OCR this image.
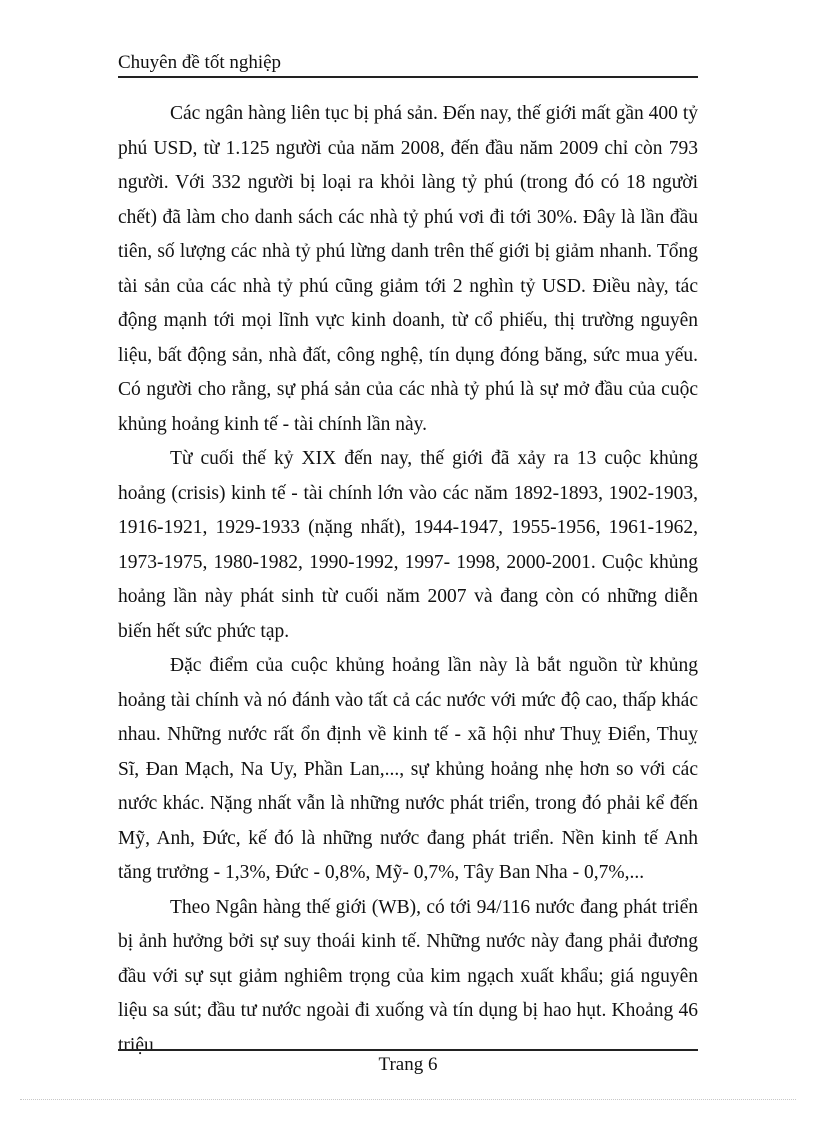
Chuyên đề tốt nghiệp

Các ngân hàng liên tục bị phá sản. Đến nay, thế giới mất gần 400 tỷ phú USD, từ 1.125 người của năm 2008, đến đầu năm 2009 chỉ còn 793 người. Với 332 người bị loại ra khỏi làng tỷ phú (trong đó có 18 người chết) đã làm cho danh sách các nhà tỷ phú vơi đi tới 30%. Đây là lần đầu tiên, số lượng các nhà tỷ phú lừng danh trên thế giới bị giảm nhanh. Tổng tài sản của các nhà tỷ phú cũng giảm tới 2 nghìn tỷ USD. Điều này, tác động mạnh tới mọi lĩnh vực kinh doanh, từ cổ phiếu, thị trường nguyên liệu, bất động sản, nhà đất, công nghệ, tín dụng đóng băng, sức mua yếu. Có người cho rằng, sự phá sản của các nhà tỷ phú là sự mở đầu của cuộc khủng hoảng kinh tế - tài chính lần này.

Từ cuối thế kỷ XIX đến nay, thế giới đã xảy ra 13 cuộc khủng hoảng (crisis) kinh tế - tài chính lớn vào các năm 1892-1893, 1902-1903, 1916-1921, 1929-1933 (nặng nhất), 1944-1947, 1955-1956, 1961-1962, 1973-1975, 1980-1982, 1990-1992, 1997- 1998, 2000-2001. Cuộc khủng hoảng lần này phát sinh từ cuối năm 2007 và đang còn có những diễn biến hết sức phức tạp.

Đặc điểm của cuộc khủng hoảng lần này là bắt nguồn từ khủng hoảng tài chính và nó đánh vào tất cả các nước với mức độ cao, thấp khác nhau. Những nước rất ổn định về kinh tế - xã hội như Thuỵ Điển, Thuỵ Sĩ, Đan Mạch, Na Uy, Phần Lan,..., sự khủng hoảng nhẹ hơn so với các nước khác. Nặng nhất vẫn là những nước phát triển, trong đó phải kể đến Mỹ, Anh, Đức, kế đó là những nước đang phát triển. Nền kinh tế Anh tăng trưởng - 1,3%, Đức - 0,8%, Mỹ- 0,7%, Tây Ban Nha - 0,7%,...

Theo Ngân hàng thế giới (WB), có tới 94/116 nước đang phát triển bị ảnh hưởng bởi sự suy thoái kinh tế. Những nước này đang phải đương đầu với sự sụt giảm nghiêm trọng của kim ngạch xuất khẩu; giá nguyên liệu sa sút; đầu tư nước ngoài đi xuống và tín dụng bị hao hụt. Khoảng 46 triệu

Trang 6
